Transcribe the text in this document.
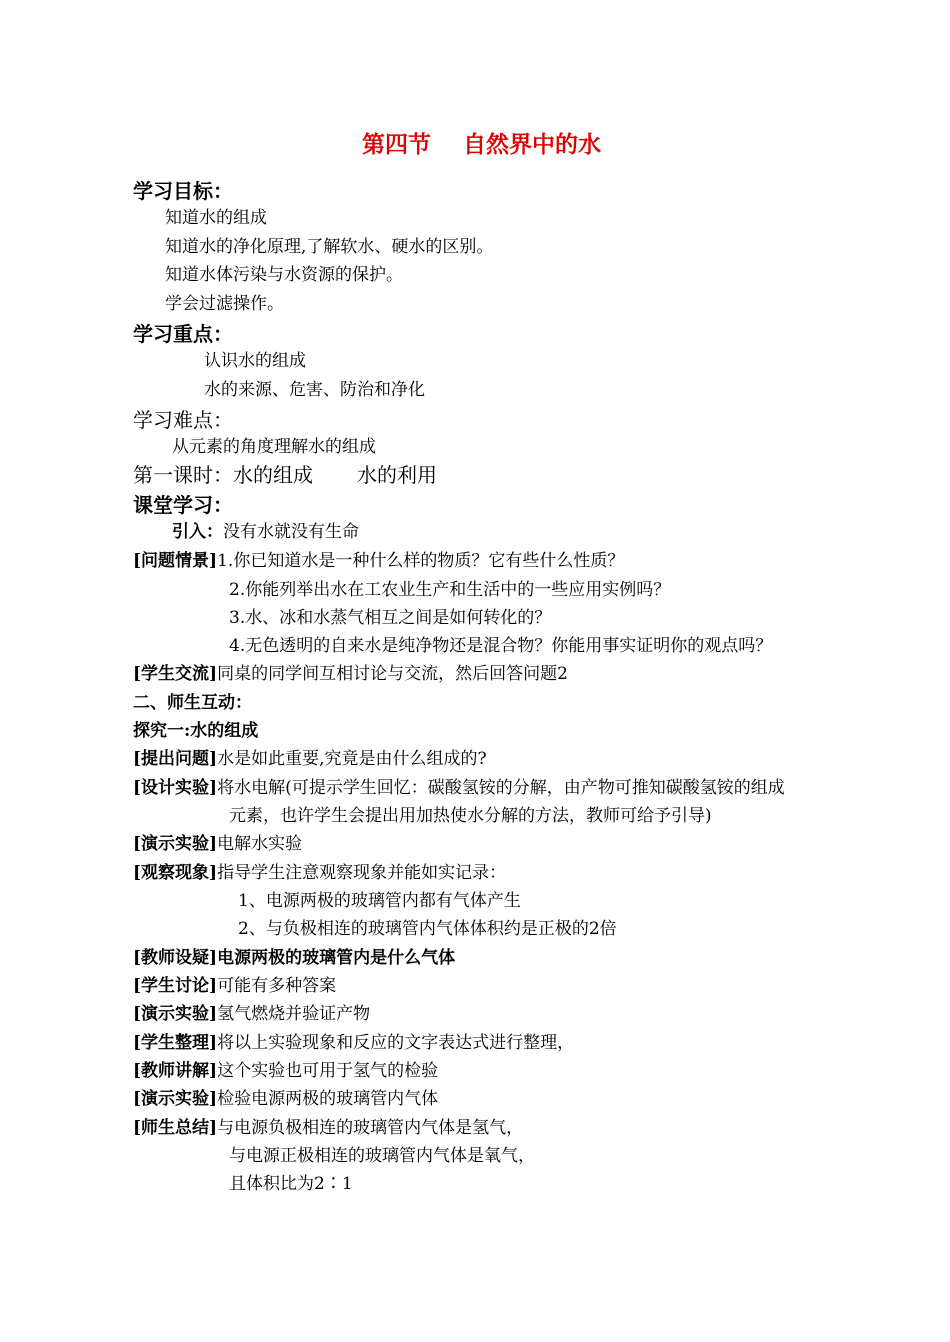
第四节 自然界中的水
学习目标：
知道水的组成
知道水的净化原理,了解软水、硬水的区别。
知道水体污染与水资源的保护。
学会过滤操作。
学习重点：
认识水的组成
水的来源、危害、防治和净化
学习难点：
从元素的角度理解水的组成
第一课时：水的组成 水的利用
课堂学习：
引入：没有水就没有生命
[问题情景]1.你已知道水是一种什么样的物质？它有些什么性质？
2.你能列举出水在工农业生产和生活中的一些应用实例吗？
3.水、冰和水蒸气相互之间是如何转化的？
4.无色透明的自来水是纯净物还是混合物？你能用事实证明你的观点吗？
[学生交流]同桌的同学间互相讨论与交流，然后回答问题2
二、师生互动：
探究一:水的组成
[提出问题]水是如此重要,究竟是由什么组成的?
[设计实验]将水电解(可提示学生回忆：碳酸氢铵的分解，由产物可推知碳酸氢铵的组成
元素，也许学生会提出用加热使水分解的方法，教师可给予引导)
[演示实验]电解水实验
[观察现象]指导学生注意观察现象并能如实记录：
1、电源两极的玻璃管内都有气体产生
2、与负极相连的玻璃管内气体体积约是正极的2倍
[教师设疑]电源两极的玻璃管内是什么气体
[学生讨论]可能有多种答案
[演示实验]氢气燃烧并验证产物
[学生整理]将以上实验现象和反应的文字表达式进行整理，
[教师讲解]这个实验也可用于氢气的检验
[演示实验]检验电源两极的玻璃管内气体
[师生总结]与电源负极相连的玻璃管内气体是氢气，
与电源正极相连的玻璃管内气体是氧气，
且体积比为2∶1
